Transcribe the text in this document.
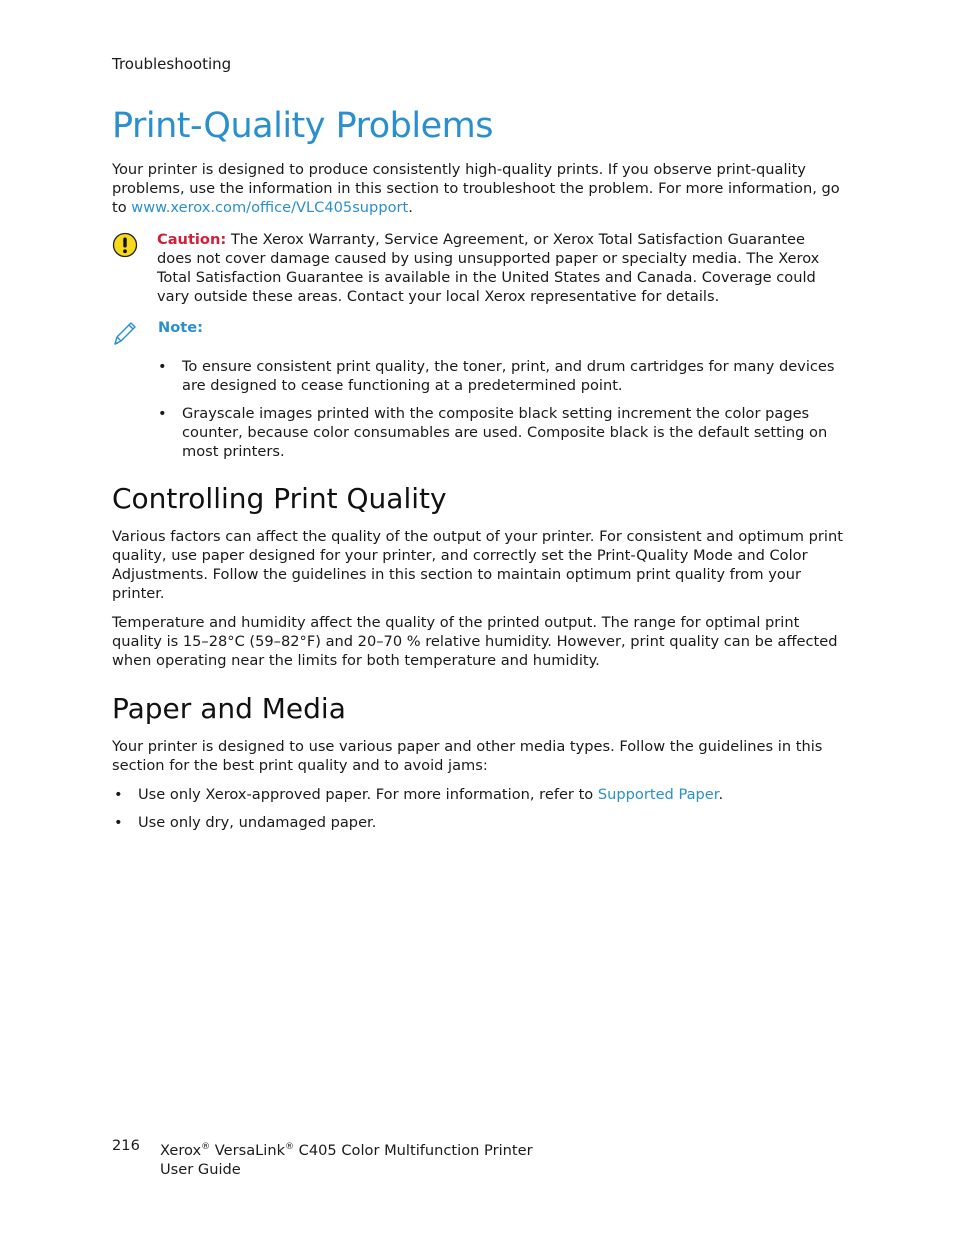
Troubleshooting
Print-Quality Problems

Your printer is designed to produce consistently high-quality prints. If you observe print-quality problems, use the information in this section to troubleshoot the problem. For more information, go to www.xerox.com/office/VLC405support.

Caution: The Xerox Warranty, Service Agreement, or Xerox Total Satisfaction Guarantee does not cover damage caused by using unsupported paper or specialty media. The Xerox Total Satisfaction Guarantee is available in the United States and Canada. Coverage could vary outside these areas. Contact your local Xerox representative for details.

Note:
• To ensure consistent print quality, the toner, print, and drum cartridges for many devices are designed to cease functioning at a predetermined point.
• Grayscale images printed with the composite black setting increment the color pages counter, because color consumables are used. Composite black is the default setting on most printers.
Controlling Print Quality

Various factors can affect the quality of the output of your printer. For consistent and optimum print quality, use paper designed for your printer, and correctly set the Print-Quality Mode and Color Adjustments. Follow the guidelines in this section to maintain optimum print quality from your printer.

Temperature and humidity affect the quality of the printed output. The range for optimal print quality is 15–28°C (59–82°F) and 20–70 % relative humidity. However, print quality can be affected when operating near the limits for both temperature and humidity.

Paper and Media

Your printer is designed to use various paper and other media types. Follow the guidelines in this section for the best print quality and to avoid jams:

• Use only Xerox-approved paper. For more information, refer to Supported Paper.
• Use only dry, undamaged paper.
216 Xerox® VersaLink® C405 Color Multifunction Printer
User Guide
